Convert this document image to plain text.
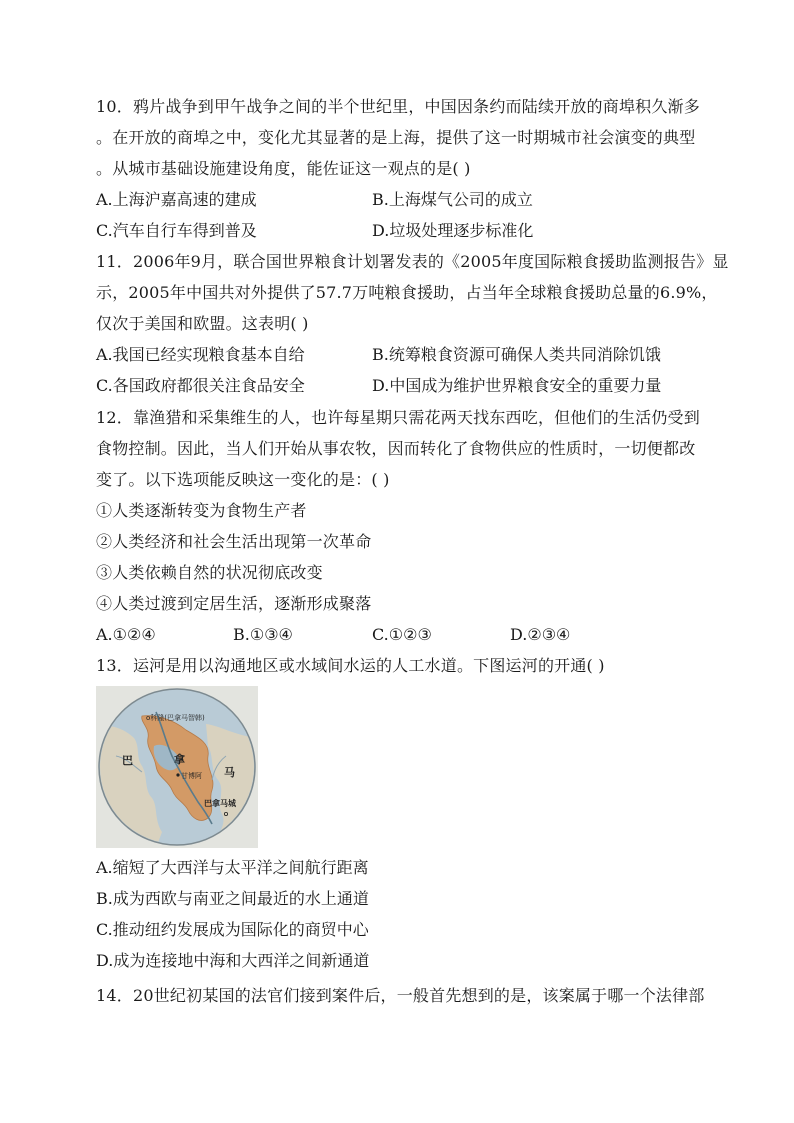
10．鸦片战争到甲午战争之间的半个世纪里，中国因条约而陆续开放的商埠积久渐多
。在开放的商埠之中，变化尤其显著的是上海，提供了这一时期城市社会演变的典型
。从城市基础设施建设角度，能佐证这一观点的是( )
A.上海沪嘉高速的建成	B.上海煤气公司的成立
C.汽车自行车得到普及	D.垃圾处理逐步标准化
11．2006年9月，联合国世界粮食计划署发表的《2005年度国际粮食援助监测报告》显
示，2005年中国共对外提供了57.7万吨粮食援助，占当年全球粮食援助总量的6.9%，
仅次于美国和欧盟。这表明( )
A.我国已经实现粮食基本自给	B.统筹粮食资源可确保人类共同消除饥饿
C.各国政府都很关注食品安全	D.中国成为维护世界粮食安全的重要力量
12．靠渔猎和采集维生的人，也许每星期只需花两天找东西吃，但他们的生活仍受到
食物控制。因此，当人们开始从事农牧，因而转化了食物供应的性质时，一切便都改
变了。以下选项能反映这一变化的是：( )
①人类逐渐转变为食物生产者
②人类经济和社会生活出现第一次革命
③人类依赖自然的状况彻底改变
④人类过渡到定居生活，逐渐形成聚落
A.①②④	B.①③④	C.①②③	D.②③④
13．运河是用以沟通地区或水域间水运的人工水道。下图运河的开通( )
o科隆(巴拿马智韩)
巴	拿
马
甘博阿
巴拿马城
A.缩短了大西洋与太平洋之间航行距离
B.成为西欧与南亚之间最近的水上通道
C.推动纽约发展成为国际化的商贸中心
D.成为连接地中海和大西洋之间新通道
14．20世纪初某国的法官们接到案件后，一般首先想到的是，该案属于哪一个法律部
